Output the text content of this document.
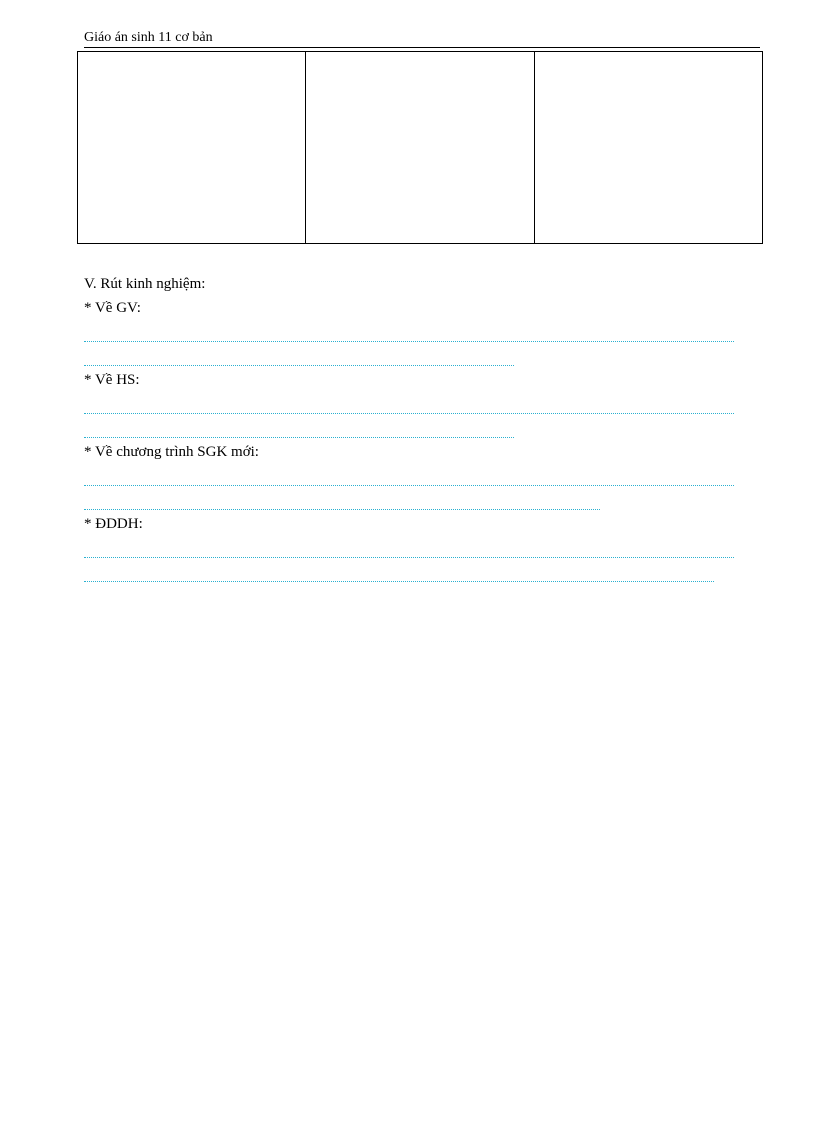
Giáo án sinh 11 cơ bản
V. Rút kinh nghiệm:
* Về GV:
* Về HS:
* Về chương trình SGK mới:
* ĐDDH:
